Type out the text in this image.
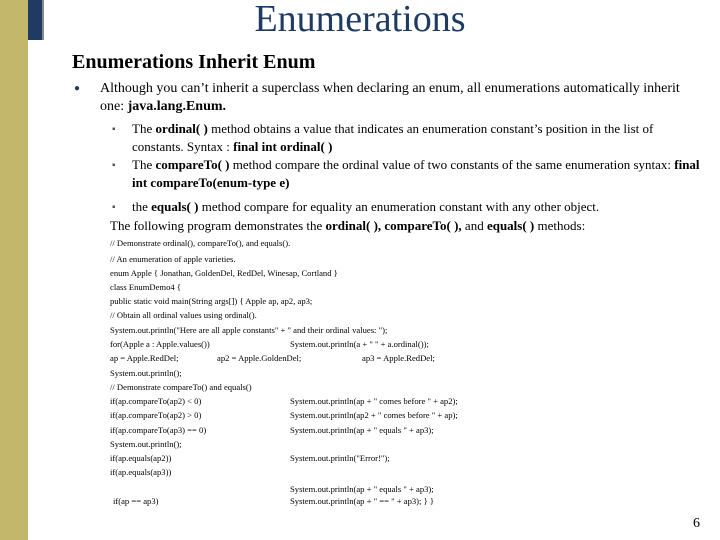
Enumerations
Enumerations Inherit Enum
● Although you can’t inherit a superclass when declaring an enum, all enumerations automatically inherit one: java.lang.Enum.
▪ The ordinal( ) method obtains a value that indicates an enumeration constant’s position in the list of constants. Syntax : final int ordinal( )
▪ The compareTo( ) method compare the ordinal value of two constants of the same enumeration syntax: final int compareTo(enum-type e)
▪ the equals( ) method compare for equality an enumeration constant with any other object.
The following program demonstrates the ordinal( ), compareTo( ), and equals( ) methods:
// Demonstrate ordinal(), compareTo(), and equals().
// An enumeration of apple varieties.
enum Apple { Jonathan, GoldenDel, RedDel, Winesap, Cortland }
class EnumDemo4 {
public static void main(String args[]) { Apple ap, ap2, ap3;
// Obtain all ordinal values using ordinal().
System.out.println("Here are all apple constants" + " and their ordinal values: ");
for(Apple a : Apple.values())	System.out.println(a + " " + a.ordinal());
ap = Apple.RedDel;	ap2 = Apple.GoldenDel;	ap3 = Apple.RedDel;
System.out.println();
// Demonstrate compareTo() and equals()
if(ap.compareTo(ap2) < 0)	System.out.println(ap + " comes before " + ap2);
if(ap.compareTo(ap2) > 0)	System.out.println(ap2 + " comes before " + ap);
if(ap.compareTo(ap3) == 0)	System.out.println(ap + " equals " + ap3);
System.out.println();
if(ap.equals(ap2))	System.out.println("Error!");
if(ap.equals(ap3))
System.out.println(ap + " equals " + ap3);
if(ap == ap3)	System.out.println(ap + " == " + ap3); } }
6
